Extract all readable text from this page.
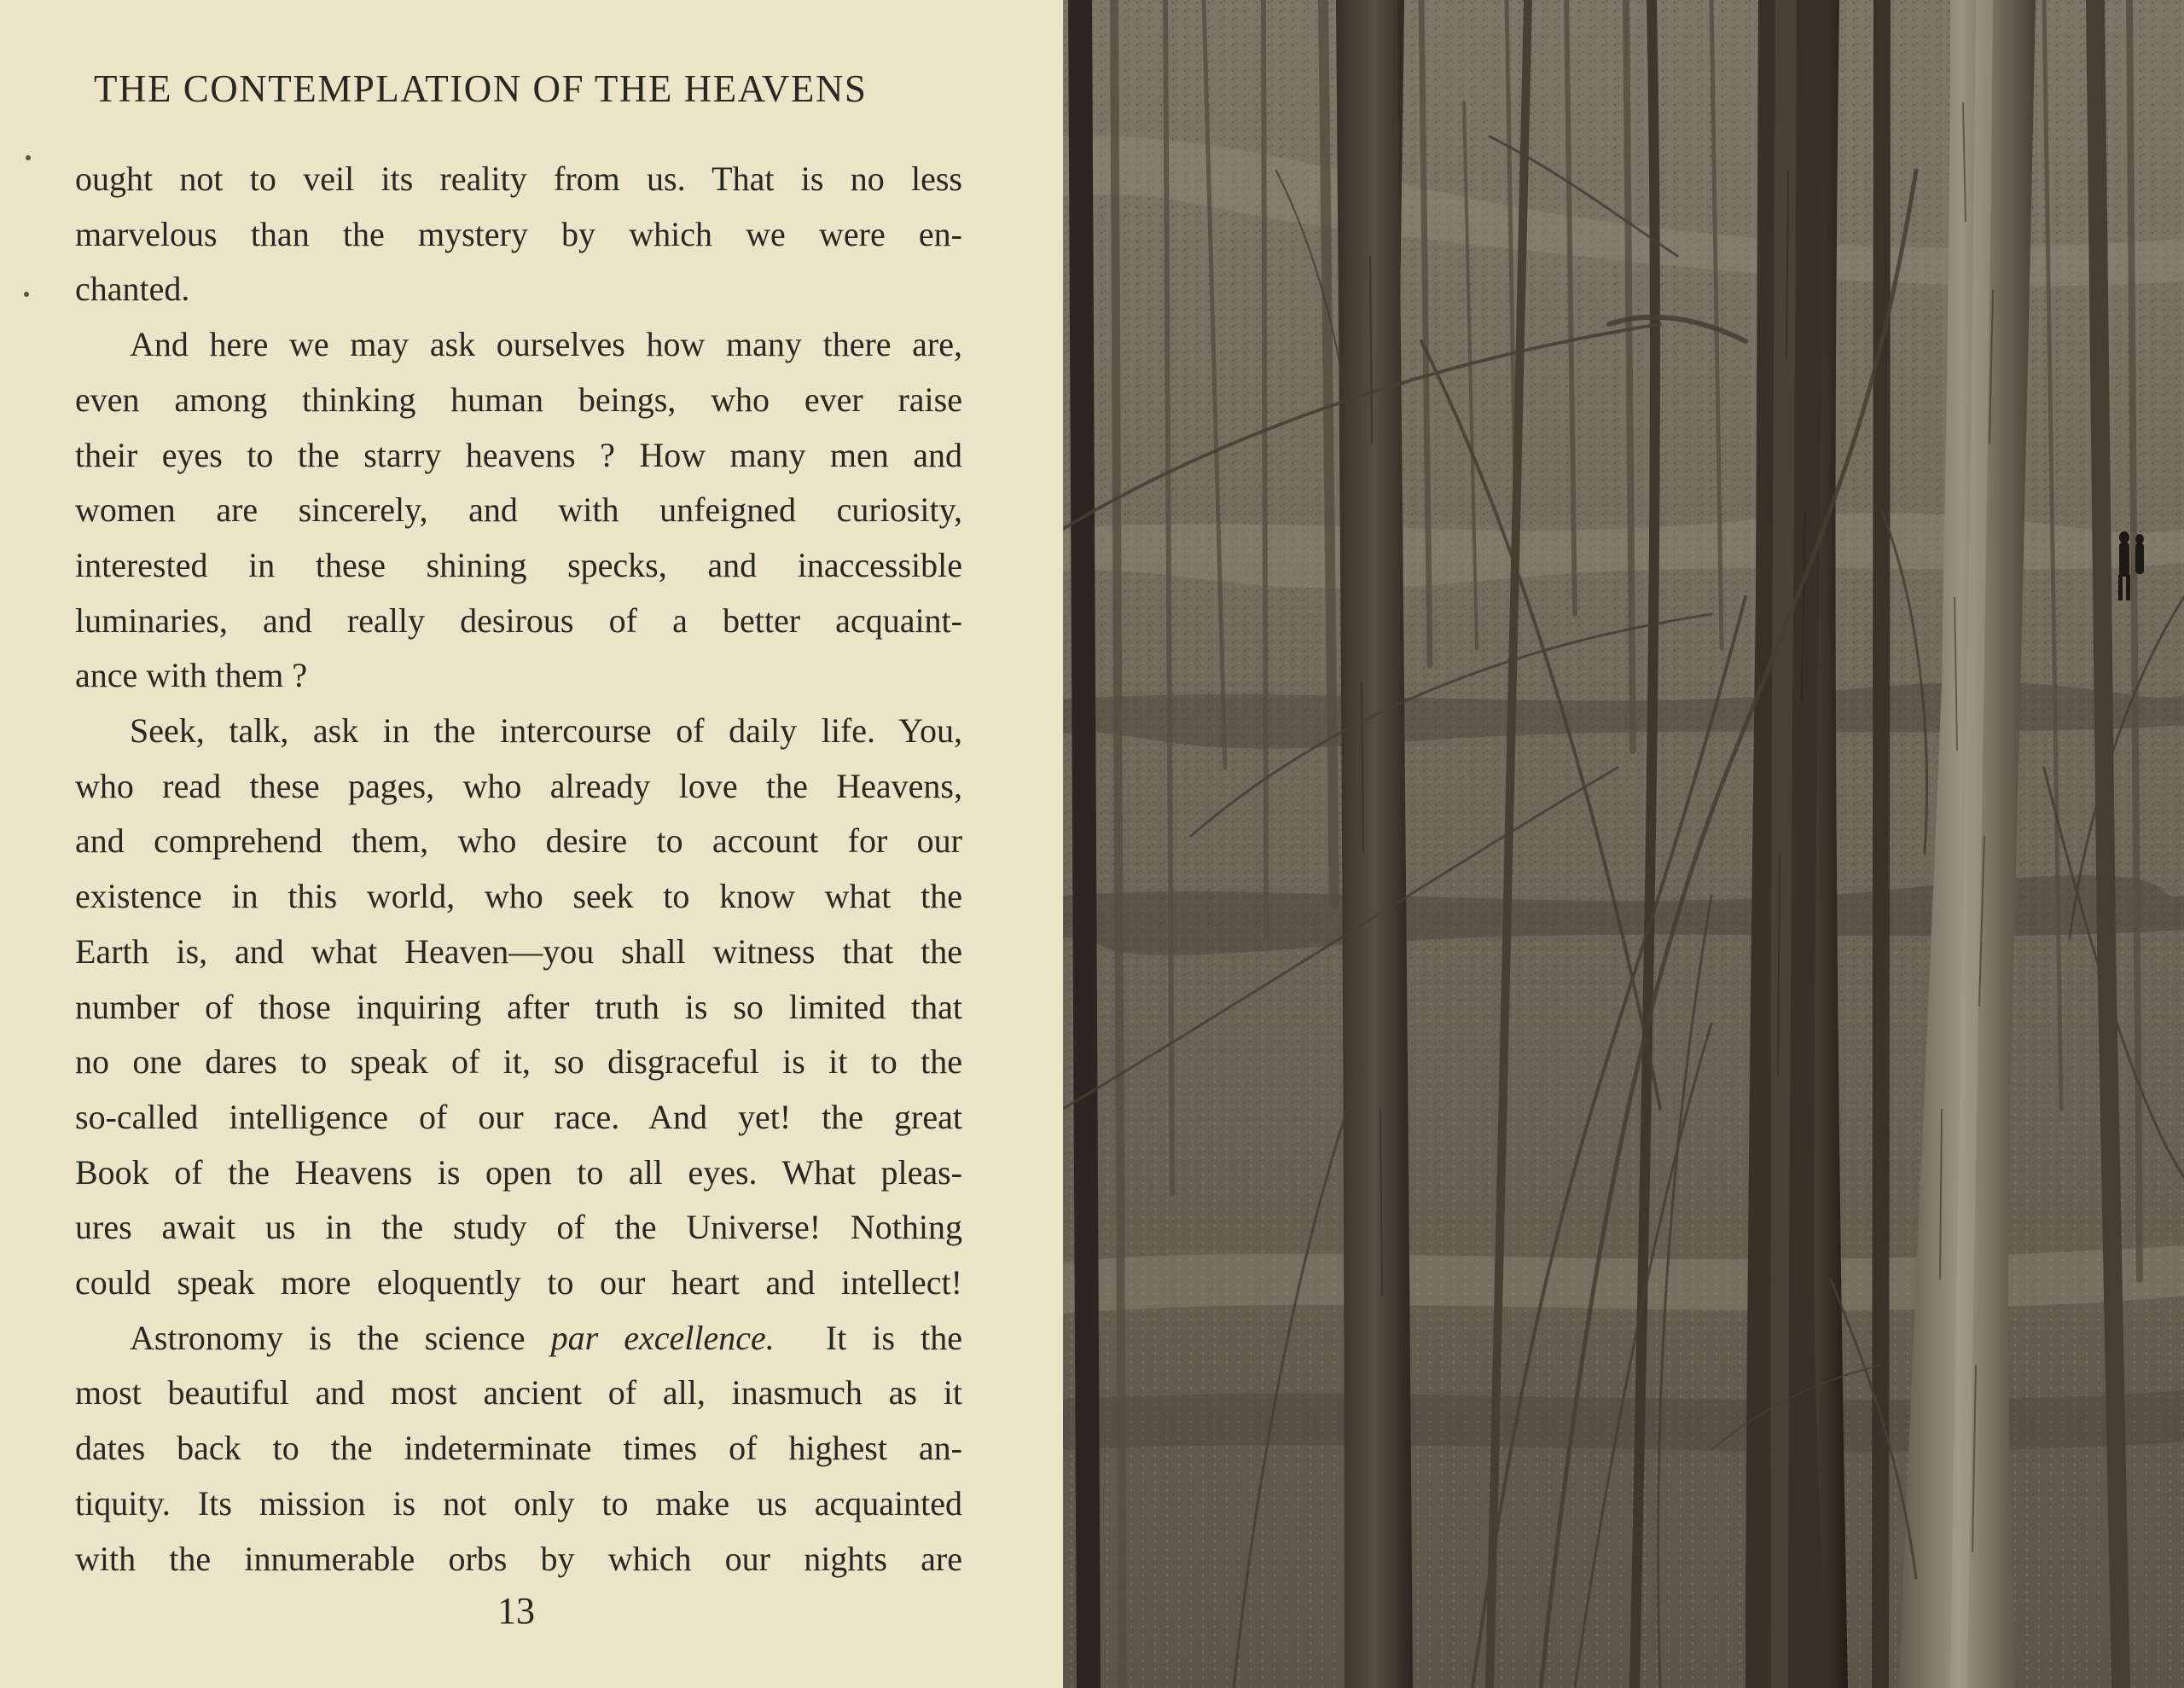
THE CONTEMPLATION OF THE HEAVENS

ought not to veil its reality from us. That is no less
marvelous than the mystery by which we were en-
chanted.

And here we may ask ourselves how many there are,
even among thinking human beings, who ever raise
their eyes to the starry heavens ? How many men and
women are sincerely, and with unfeigned curiosity,
interested in these shining specks, and inaccessible
luminaries, and really desirous of a better acquaint-
ance with them ?

Seek, talk, ask in the intercourse of daily life. You,
who read these pages, who already love the Heavens,
and comprehend them, who desire to account for our
existence in this world, who seek to know what the
Earth is, and what Heaven—you shall witness that the
number of those inquiring after truth is so limited that
no one dares to speak of it, so disgraceful is it to the
so-called intelligence of our race. And yet! the great
Book of the Heavens is open to all eyes. What pleas-
ures await us in the study of the Universe! Nothing
could speak more eloquently to our heart and intellect!

Astronomy is the science par excellence.  It is the
most beautiful and most ancient of all, inasmuch as it
dates back to the indeterminate times of highest an-
tiquity. Its mission is not only to make us acquainted
with the innumerable orbs by which our nights are

13
